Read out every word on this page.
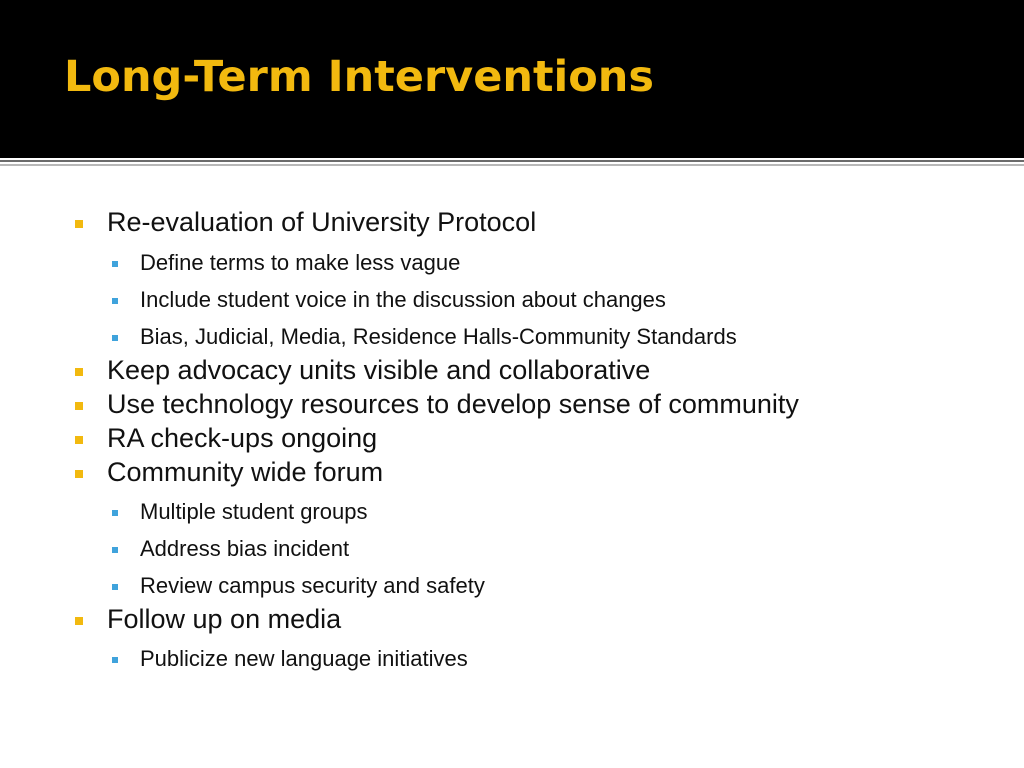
Long-Term Interventions
Re-evaluation of University Protocol
Define terms to make less vague
Include student voice in the discussion about changes
Bias, Judicial, Media, Residence Halls-Community Standards
Keep advocacy units visible and collaborative
Use technology resources to develop sense of community
RA check-ups ongoing
Community wide forum
Multiple student groups
Address bias incident
Review campus security and safety
Follow up on media
Publicize new language initiatives
